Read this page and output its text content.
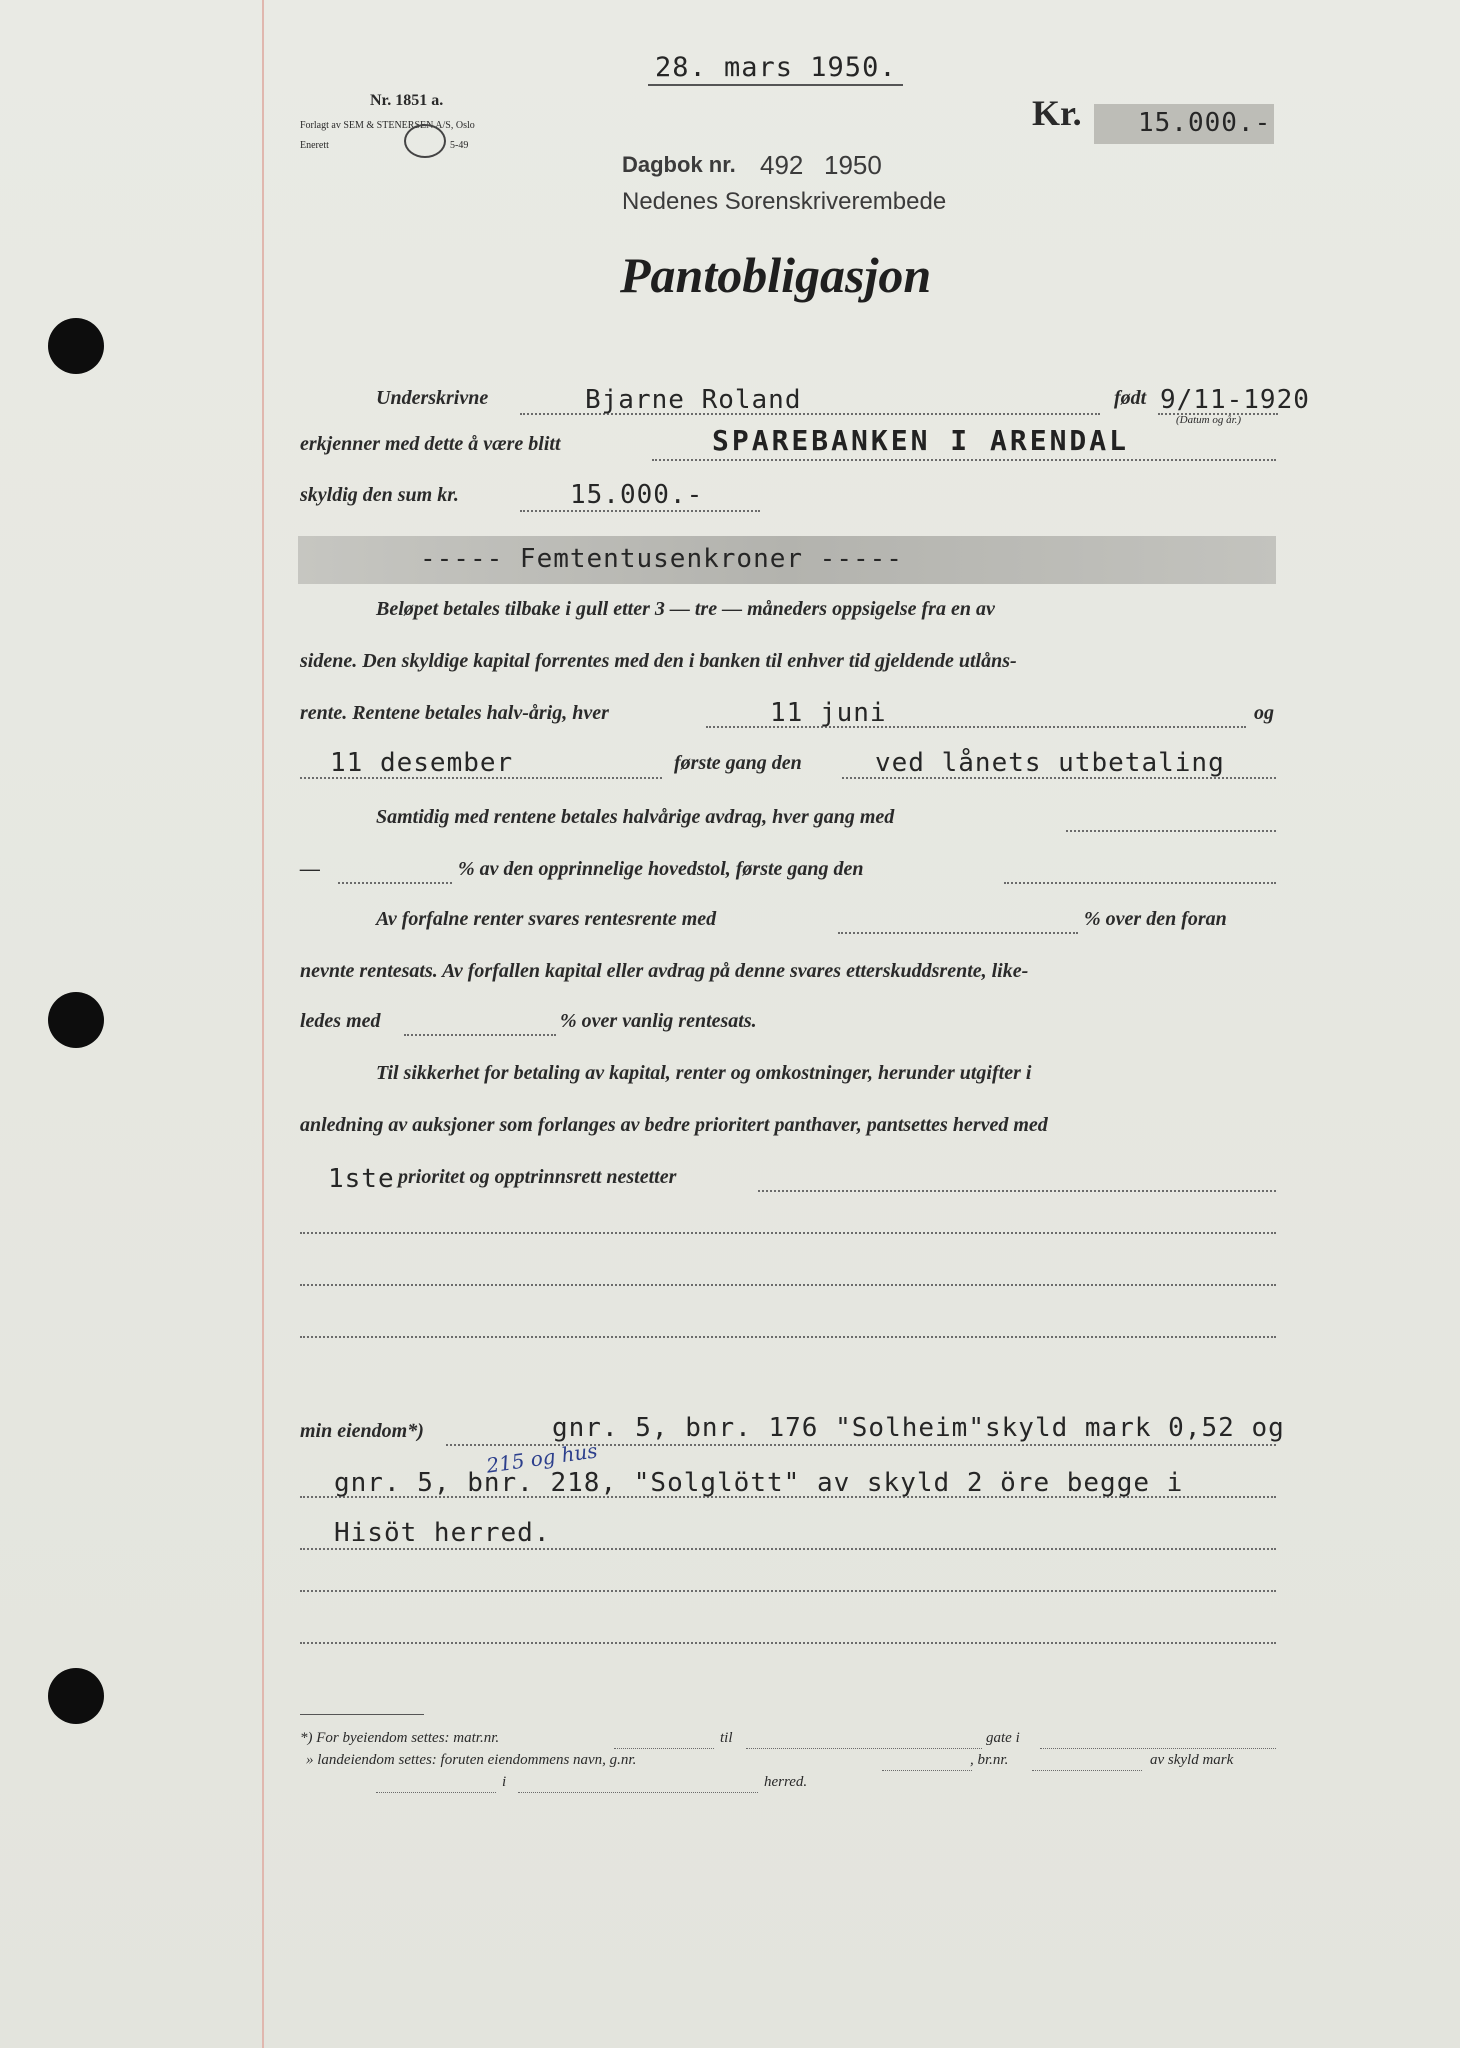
28. mars 1950.
Nr. 1851 a.
Forlagt av SEM & STENERSEN A/S, Oslo
Enerett	5-49
Kr. 15.000.-
Dagbok nr. 492 1950
Nedenes Sorenskriverembede
Pantobligasjon
Underskrivne	Bjarne Roland	født 9/11-1920
(Datum og år.)
erkjenner med dette å være blitt	SPAREBANKEN I ARENDAL
skyldig den sum kr.	15.000.-
----- Femtentusenkroner -----
Beløpet betales tilbake i gull etter 3 — tre — måneders oppsigelse fra en av
sidene. Den skyldige kapital forrentes med den i banken til enhver tid gjeldende utlåns-
rente. Rentene betales halv-årig, hver	11 juni	og
11 desember	første gang den	ved lånets utbetaling
Samtidig med rentene betales halvårige avdrag, hver gang med
—	% av den opprinnelige hovedstol, første gang den
Av forfalne renter svares rentesrente med	% over den foran
nevnte rentesats. Av forfallen kapital eller avdrag på denne svares etterskuddsrente, like-
ledes med	% over vanlig rentesats.
Til sikkerhet for betaling av kapital, renter og omkostninger, herunder utgifter i
anledning av auksjoner som forlanges av bedre prioritert panthaver, pantsettes herved med
1ste prioritet og opptrinnsrett nestetter
min eiendom*)	gnr. 5, bnr. 176 "Solheim"skyld mark 0,52 og
215 og hus
gnr. 5, bnr. 218, "Solglött" av skyld 2 öre begge i
Hisöt herred.
*) For byeiendom settes: matr.nr.	til	gate i
» landeiendom settes: foruten eiendommens navn, g.nr.	, br.nr.	av skyld mark
i	herred.
